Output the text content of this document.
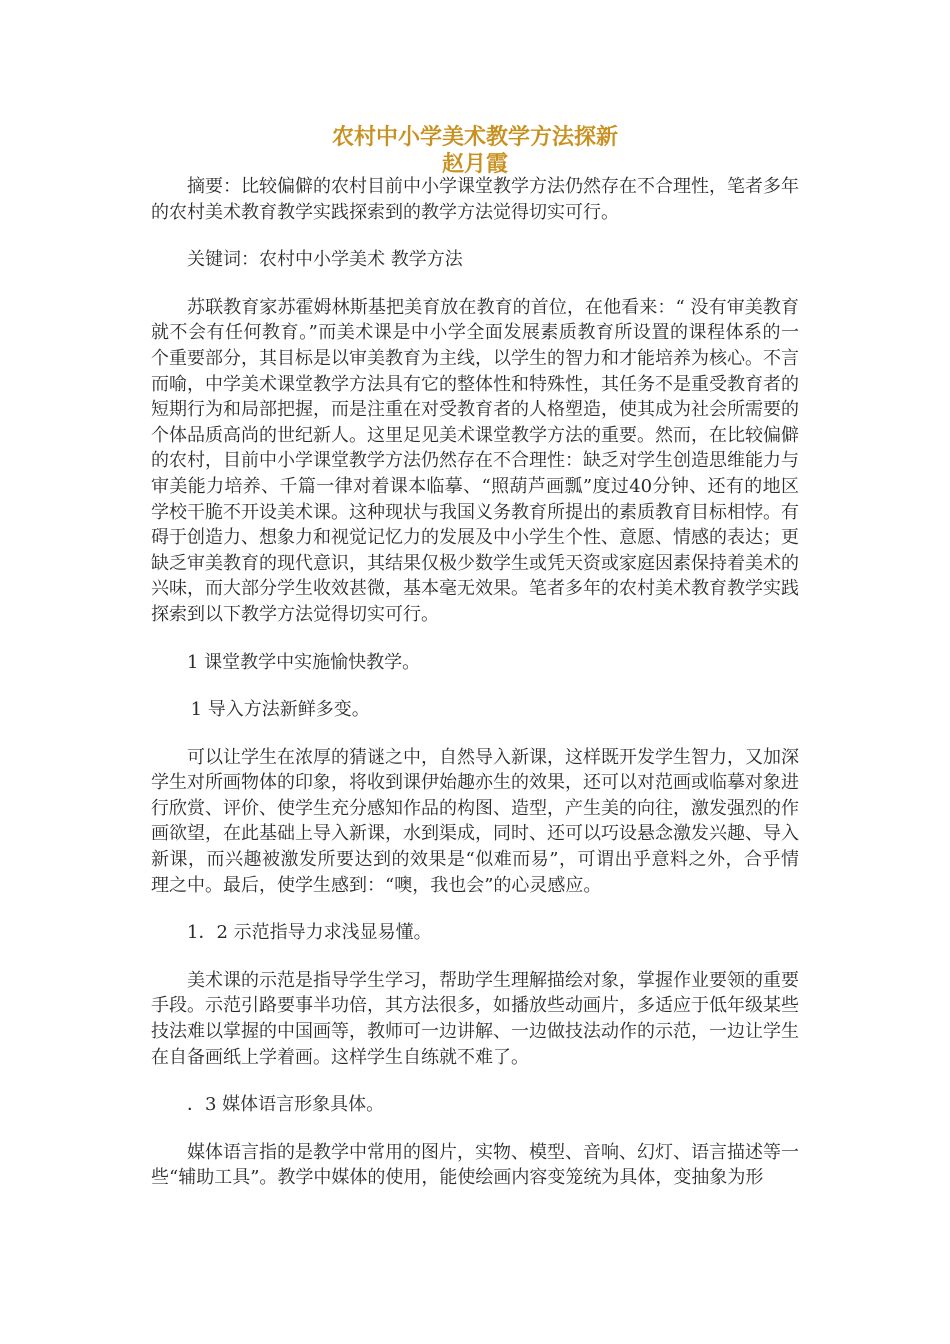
农村中小学美术教学方法探新
赵月霞

摘要：比较偏僻的农村目前中小学课堂教学方法仍然存在不合理性，笔者多年的农村美术教育教学实践探索到的教学方法觉得切实可行。

关键词：农村中小学美术 教学方法

苏联教育家苏霍姆林斯基把美育放在教育的首位，在他看来：“ 没有审美教育就不会有任何教育。”而美术课是中小学全面发展素质教育所设置的课程体系的一个重要部分，其目标是以审美教育为主线，以学生的智力和才能培养为核心。不言而喻，中学美术课堂教学方法具有它的整体性和特殊性，其任务不是重受教育者的短期行为和局部把握，而是注重在对受教育者的人格塑造，使其成为社会所需要的个体品质高尚的世纪新人。这里足见美术课堂教学方法的重要。然而，在比较偏僻的农村，目前中小学课堂教学方法仍然存在不合理性：缺乏对学生创造思维能力与审美能力培养、千篇一律对着课本临摹、“照葫芦画瓢”度过40分钟、还有的地区学校干脆不开设美术课。这种现状与我国义务教育所提出的素质教育目标相悖。有碍于创造力、想象力和视觉记忆力的发展及中小学生个性、意愿、情感的表达；更缺乏审美教育的现代意识，其结果仅极少数学生或凭天资或家庭因素保持着美术的兴味，而大部分学生收效甚微，基本毫无效果。笔者多年的农村美术教育教学实践探索到以下教学方法觉得切实可行。

1 课堂教学中实施愉快教学。

1 导入方法新鲜多变。

可以让学生在浓厚的猜谜之中，自然导入新课，这样既开发学生智力，又加深学生对所画物体的印象，将收到课伊始趣亦生的效果，还可以对范画或临摹对象进行欣赏、评价、使学生充分感知作品的构图、造型，产生美的向往，激发强烈的作画欲望，在此基础上导入新课，水到渠成，同时、还可以巧设悬念激发兴趣、导入新课，而兴趣被激发所要达到的效果是“似难而易”，可谓出乎意料之外，合乎情理之中。最后，使学生感到：“噢，我也会”的心灵感应。

1．2 示范指导力求浅显易懂。

美术课的示范是指导学生学习，帮助学生理解描绘对象，掌握作业要领的重要手段。示范引路要事半功倍，其方法很多，如播放些动画片，多适应于低年级某些技法难以掌握的中国画等，教师可一边讲解、一边做技法动作的示范，一边让学生在自备画纸上学着画。这样学生自练就不难了。

．3 媒体语言形象具体。

媒体语言指的是教学中常用的图片，实物、模型、音响、幻灯、语言描述等一些“辅助工具”。教学中媒体的使用，能使绘画内容变笼统为具体，变抽象为形
